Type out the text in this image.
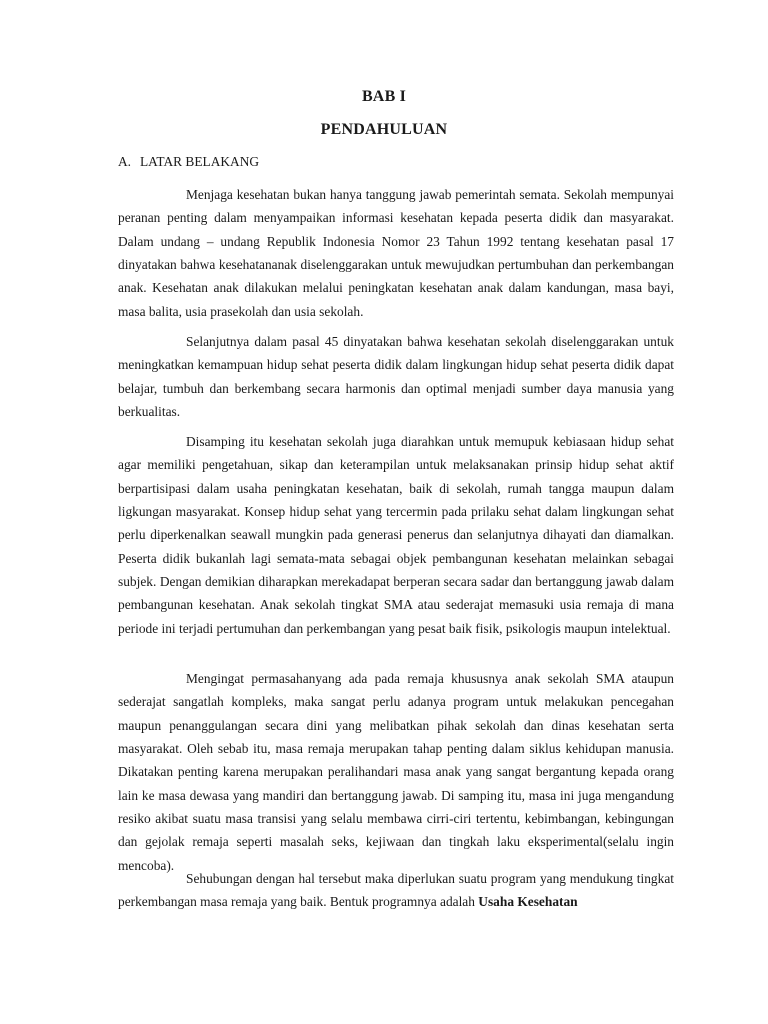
BAB I
PENDAHULUAN
A. LATAR BELAKANG

Menjaga kesehatan bukan hanya tanggung jawab pemerintah semata. Sekolah mempunyai peranan penting dalam menyampaikan informasi kesehatan kepada peserta didik dan masyarakat. Dalam undang – undang Republik Indonesia Nomor 23 Tahun 1992 tentang kesehatan pasal 17 dinyatakan bahwa kesehatananak diselenggarakan untuk mewujudkan pertumbuhan dan perkembangan anak. Kesehatan anak dilakukan melalui peningkatan kesehatan anak dalam kandungan, masa bayi, masa balita, usia prasekolah dan usia sekolah.

Selanjutnya dalam pasal 45 dinyatakan bahwa kesehatan sekolah diselenggarakan untuk meningkatkan kemampuan hidup sehat peserta didik dalam lingkungan hidup sehat peserta didik dapat belajar, tumbuh dan berkembang secara harmonis dan optimal menjadi sumber daya manusia yang berkualitas.

Disamping itu kesehatan sekolah juga diarahkan untuk memupuk kebiasaan hidup sehat agar memiliki pengetahuan, sikap dan keterampilan untuk melaksanakan prinsip hidup sehat aktif berpartisipasi dalam usaha peningkatan kesehatan, baik di sekolah, rumah tangga maupun dalam ligkungan masyarakat. Konsep hidup sehat yang tercermin pada prilaku sehat dalam lingkungan sehat perlu diperkenalkan seawall mungkin pada generasi penerus dan selanjutnya dihayati dan diamalkan. Peserta didik bukanlah lagi semata-mata sebagai objek pembangunan kesehatan melainkan sebagai subjek. Dengan demikian diharapkan merekadapat berperan secara sadar dan bertanggung jawab dalam pembangunan kesehatan. Anak sekolah tingkat SMA atau sederajat memasuki usia remaja di mana periode ini terjadi pertumuhan dan perkembangan yang pesat baik fisik, psikologis maupun intelektual.

Mengingat permasahanyang ada pada remaja khususnya anak sekolah SMA ataupun sederajat sangatlah kompleks, maka sangat perlu adanya program untuk melakukan pencegahan maupun penanggulangan secara dini yang melibatkan pihak sekolah dan dinas kesehatan serta masyarakat. Oleh sebab itu, masa remaja merupakan tahap penting dalam siklus kehidupan manusia. Dikatakan penting karena merupakan peralihandari masa anak yang sangat bergantung kepada orang lain ke masa dewasa yang mandiri dan bertanggung jawab. Di samping itu, masa ini juga mengandung resiko akibat suatu masa transisi yang selalu membawa cirri-ciri tertentu, kebimbangan, kebingungan dan gejolak remaja seperti masalah seks, kejiwaan dan tingkah laku eksperimental(selalu ingin mencoba).

Sehubungan dengan hal tersebut maka diperlukan suatu program yang mendukung tingkat perkembangan masa remaja yang baik. Bentuk programnya adalah Usaha Kesehatan
